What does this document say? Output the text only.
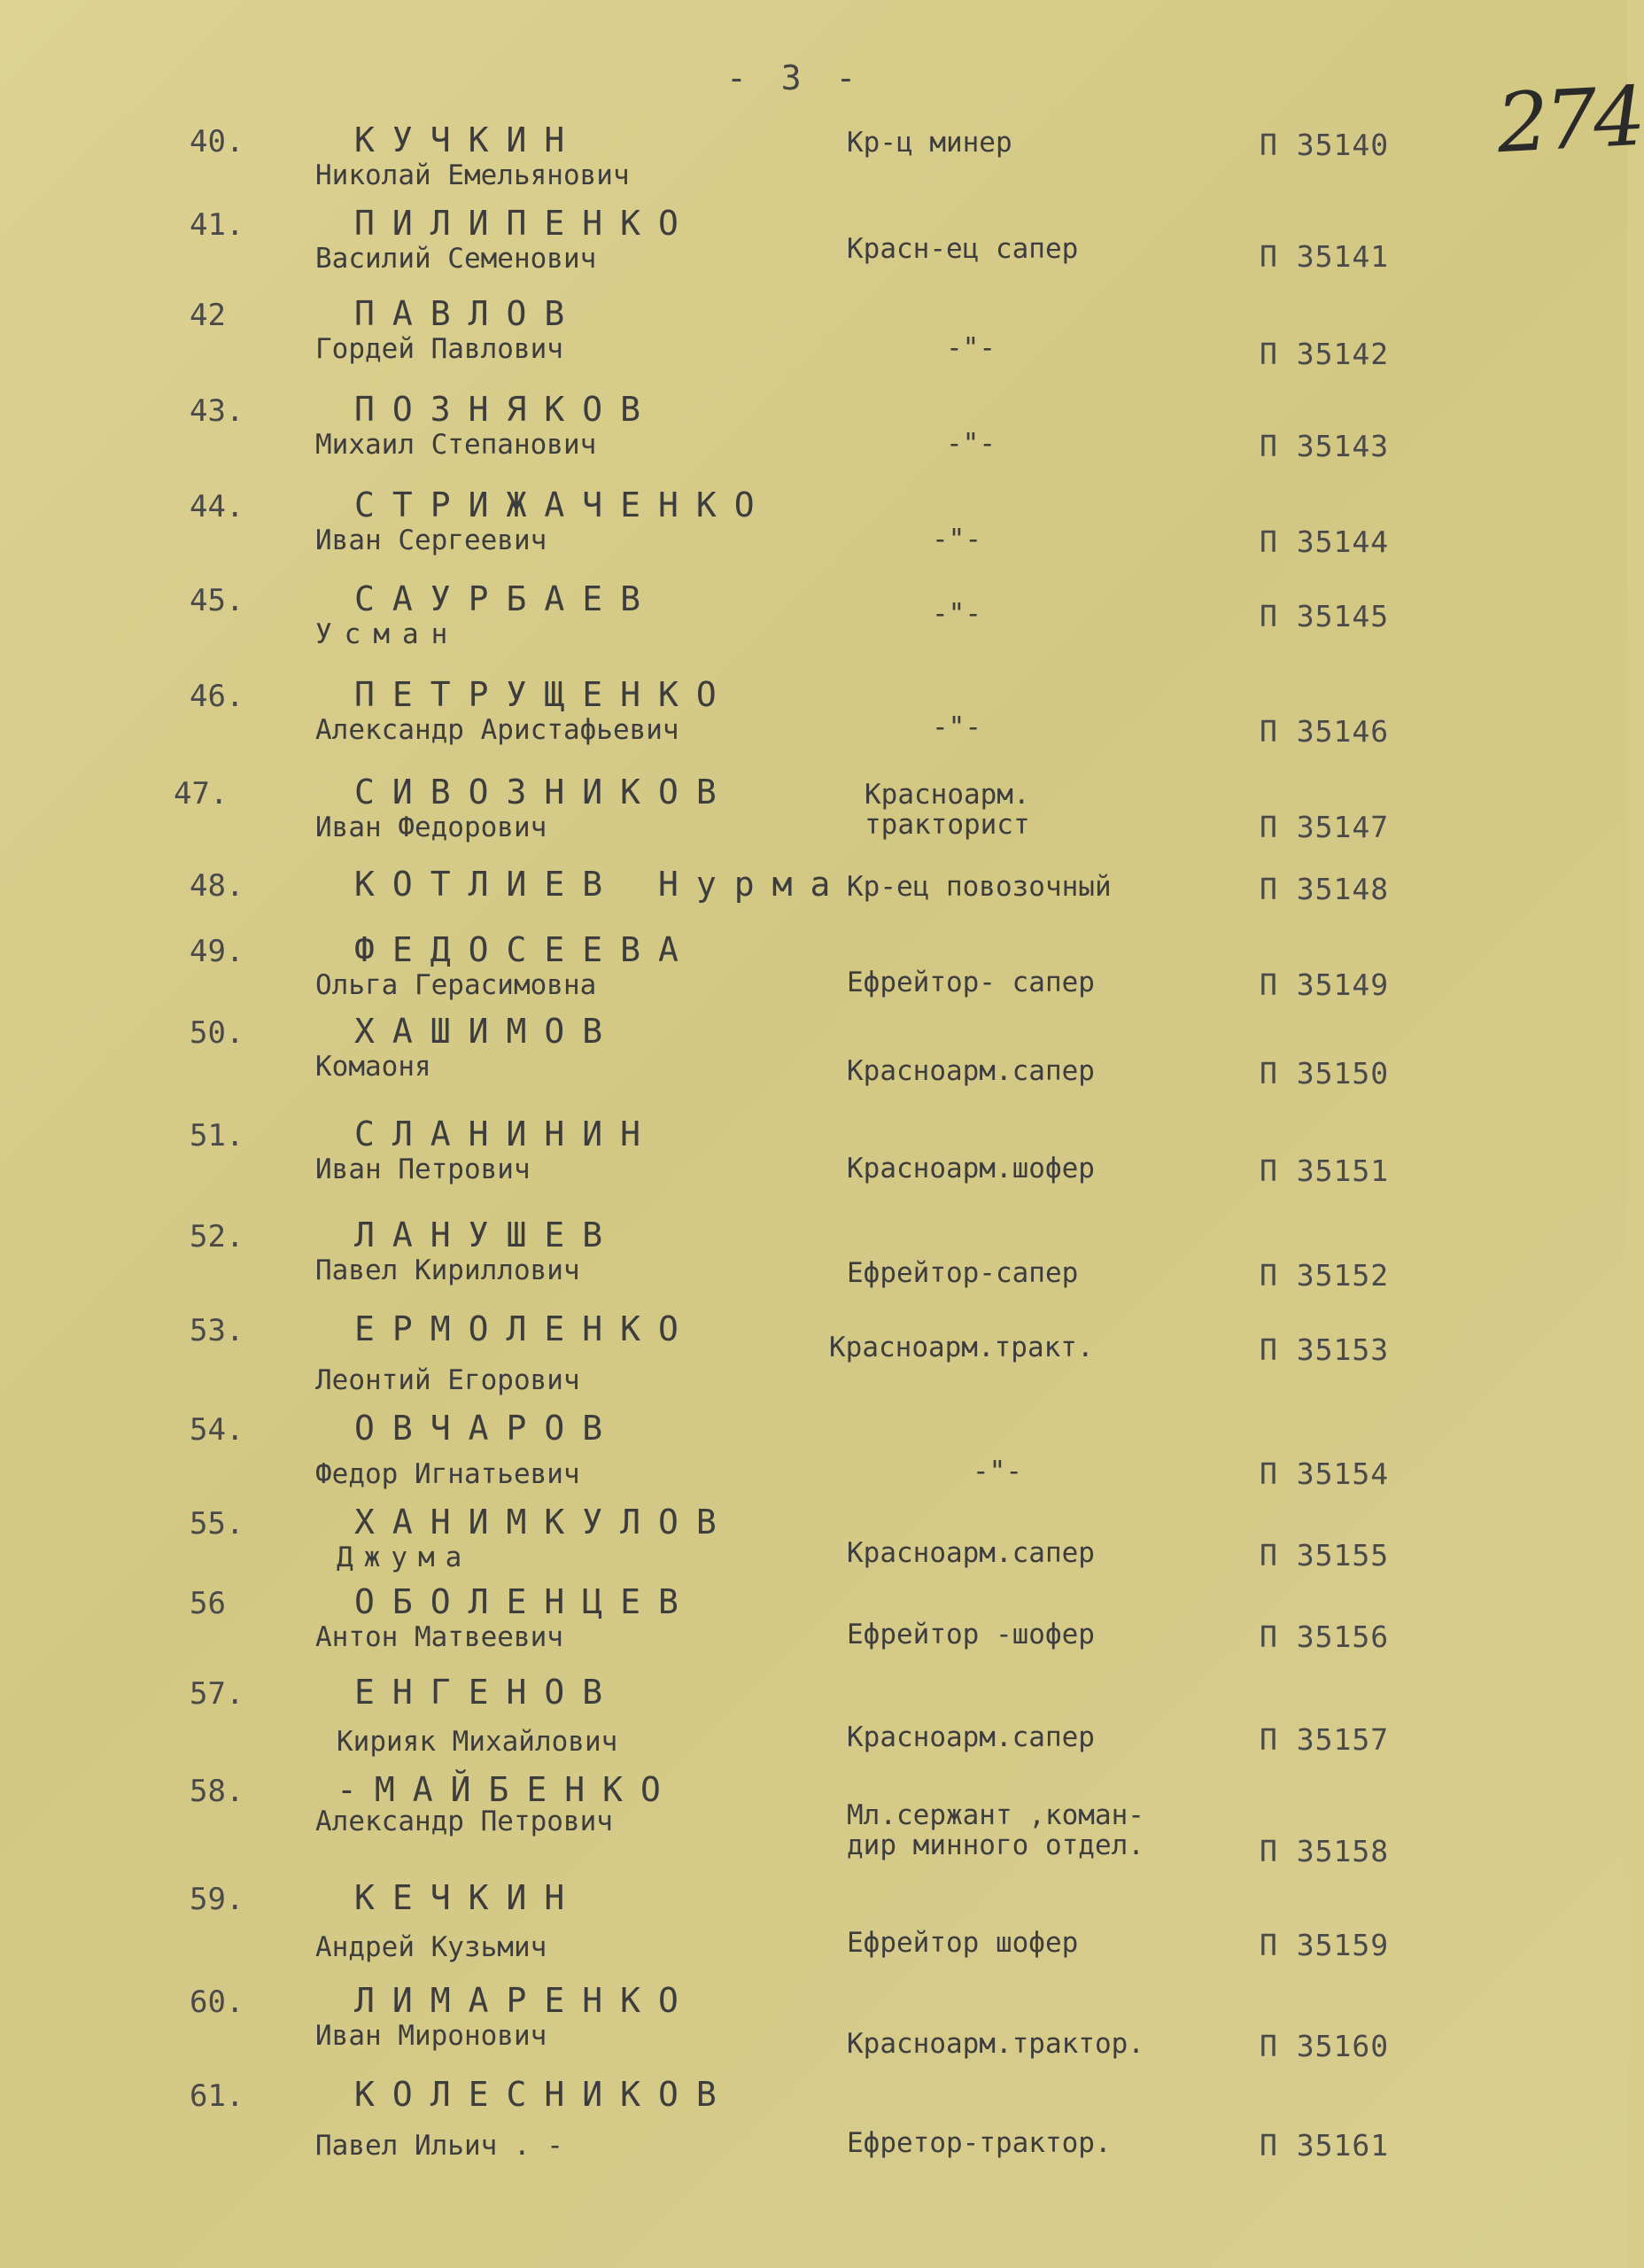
- 3 -	274
40.	КУЧКИН
Николай Емельянович
Кр-ц минер	П 35140
41.	ПИЛИПЕНКО
Василий Семенович	Красн-ец сапер	П 35141
42	ПАВЛОВ
Гордей Павлович	-"-	П 35142
43.	ПОЗНЯКОВ
Михаил Степанович	-"-	П 35143
44.	СТРИЖАЧЕНКО
Иван Сергеевич	-"-	П 35144
45.	САУРБАЕВ
Усман
-"-	П 35145
46.	ПЕТРУЩЕНКО
Александр Аристафьевич	-"-	П 35146
47.	СИВОЗНИКОВ
Иван Федорович
Красноарм.
тракторист	П 35147
48.	КОТЛИЕВ Нурма
Кр-ец повозочный	П 35148
49.	ФЕДОСЕЕВА
Ольга Герасимовна	Ефрейтор- сапер	П 35149
50.	ХАШИМОВ
Комаоня	Красноарм.сапер	П 35150
51.	СЛАНИНИН
Иван Петрович	Красноарм.шофер	П 35151
52.	ЛАНУШЕВ
Павел Кириллович	Ефрейтор-сапер	П 35152
53.	ЕРМОЛЕНКО
Леонтий Егорович
Красноарм.тракт.	П 35153
54.	ОВЧАРОВ
Федор Игнатьевич	-"-	П 35154
55.	ХАНИМКУЛОВ
Джума	Красноарм.сапер	П 35155
56	ОБОЛЕНЦЕВ
Антон Матвеевич	Ефрейтор -шофер	П 35156
57.	ЕНГЕНОВ
Кирияк Михайлович	Красноарм.сапер	П 35157
58.	-МАЙБЕНКО
Александр Петрович	Мл.сержант ,коман-
дир минного отдел.	П 35158
59.	КЕЧКИН
Андрей Кузьмич	Ефрейтор шофер	П 35159
60.	ЛИМАРЕНКО
Иван Миронович	Красноарм.трактор.	П 35160
61.	КОЛЕСНИКОВ
Павел Ильич . -	Ефретор-трактор.	П 35161
